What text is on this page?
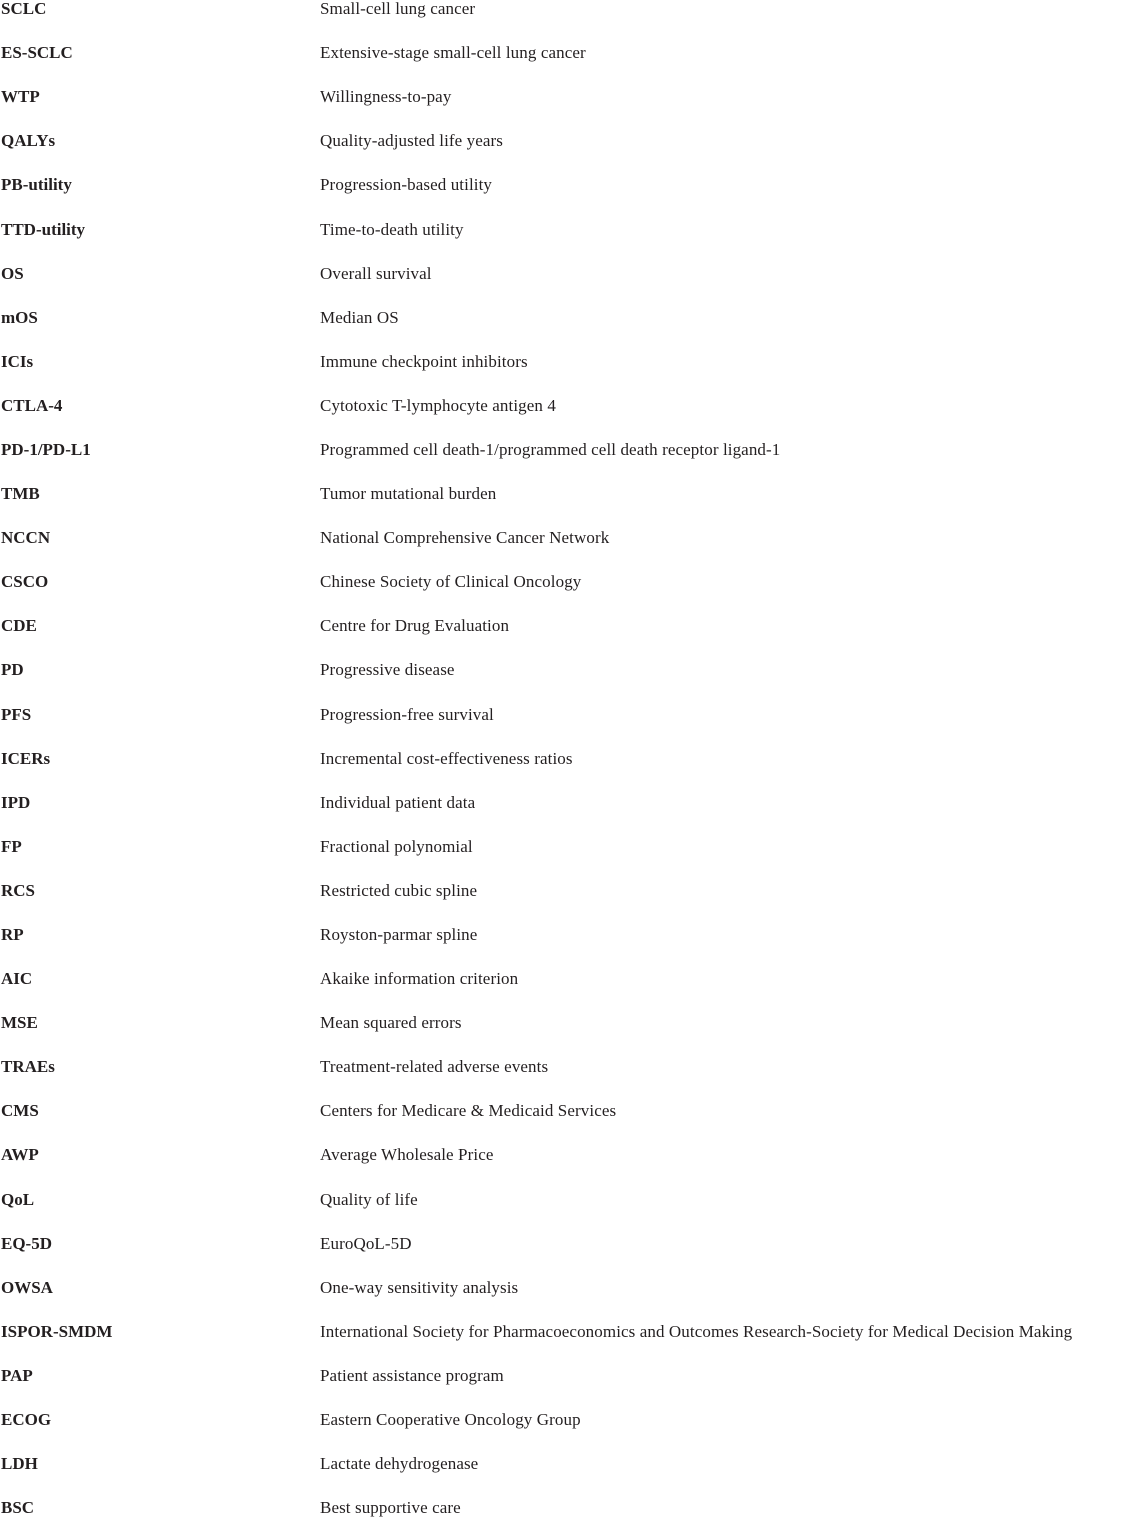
SCLC	Small-cell lung cancer
ES-SCLC	Extensive-stage small-cell lung cancer
WTP	Willingness-to-pay
QALYs	Quality-adjusted life years
PB-utility	Progression-based utility
TTD-utility	Time-to-death utility
OS	Overall survival
mOS	Median OS
ICIs	Immune checkpoint inhibitors
CTLA-4	Cytotoxic T-lymphocyte antigen 4
PD-1/PD-L1	Programmed cell death-1/programmed cell death receptor ligand-1
TMB	Tumor mutational burden
NCCN	National Comprehensive Cancer Network
CSCO	Chinese Society of Clinical Oncology
CDE	Centre for Drug Evaluation
PD	Progressive disease
PFS	Progression-free survival
ICERs	Incremental cost-effectiveness ratios
IPD	Individual patient data
FP	Fractional polynomial
RCS	Restricted cubic spline
RP	Royston-parmar spline
AIC	Akaike information criterion
MSE	Mean squared errors
TRAEs	Treatment-related adverse events
CMS	Centers for Medicare & Medicaid Services
AWP	Average Wholesale Price
QoL	Quality of life
EQ-5D	EuroQoL-5D
OWSA	One-way sensitivity analysis
ISPOR-SMDM	International Society for Pharmacoeconomics and Outcomes Research-Society for Medical Decision Making
PAP	Patient assistance program
ECOG	Eastern Cooperative Oncology Group
LDH	Lactate dehydrogenase
BSC	Best supportive care
